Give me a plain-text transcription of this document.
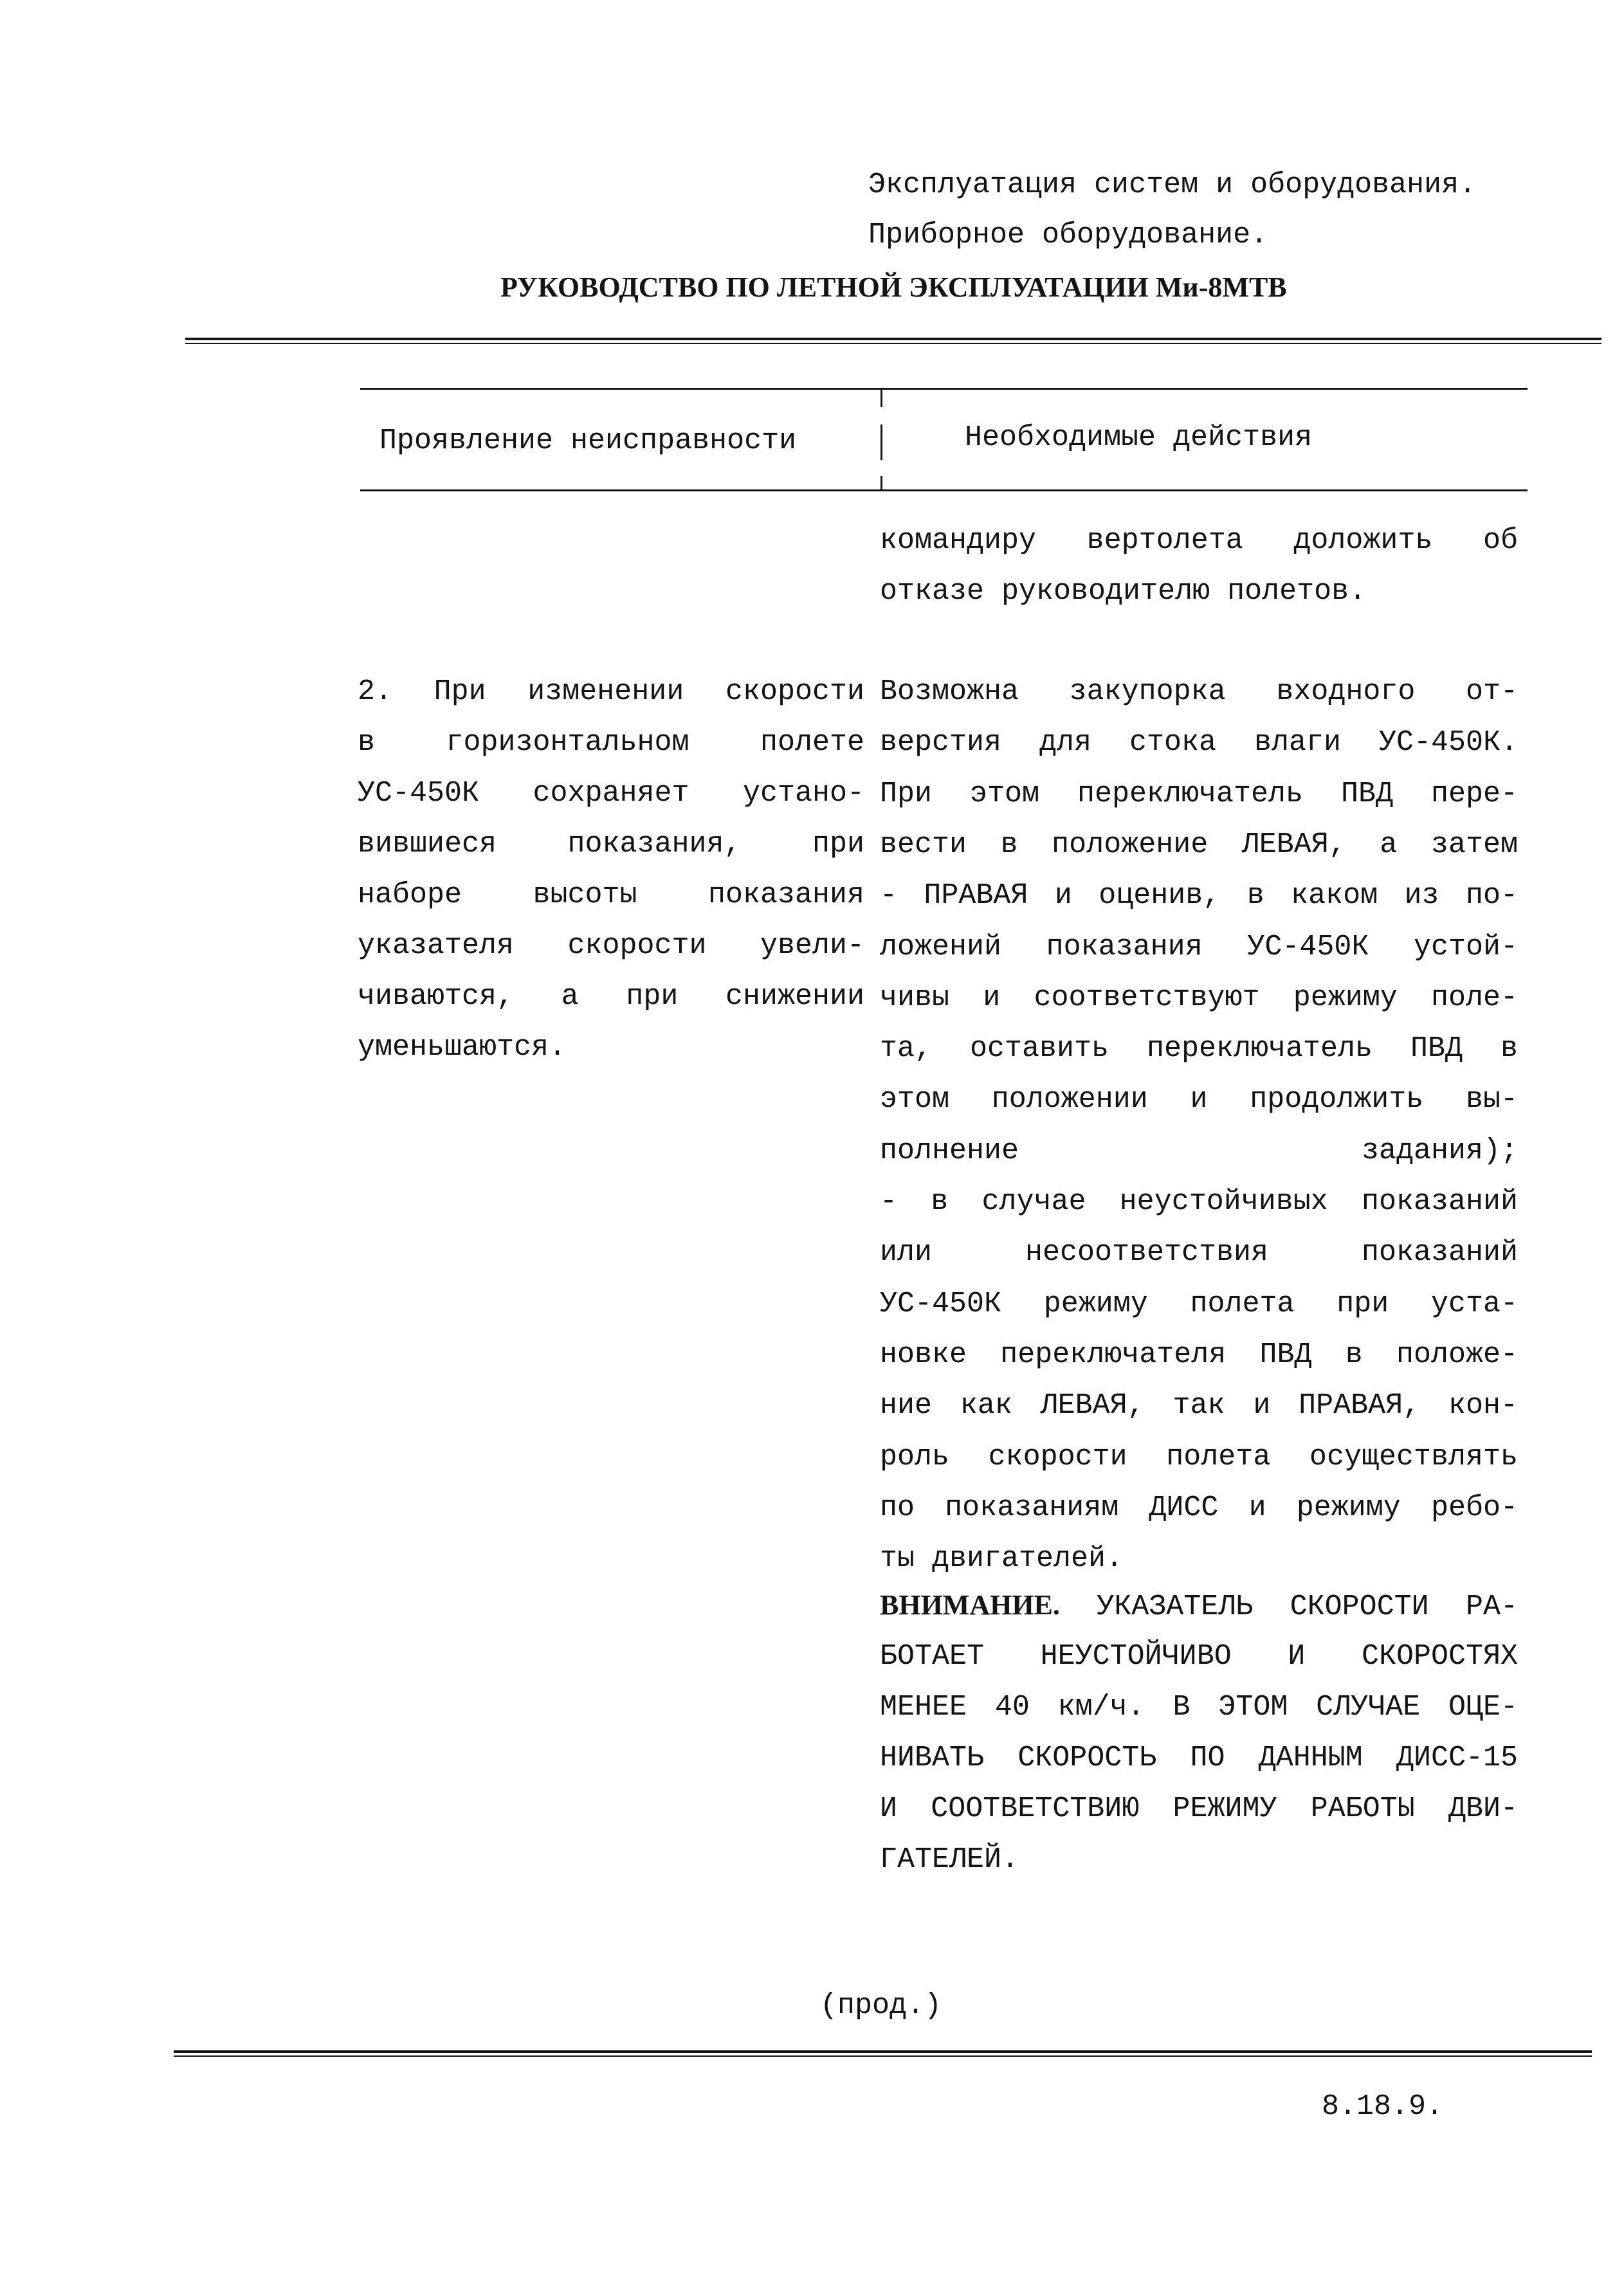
Эксплуатация систем и оборудования.
Приборное оборудование.
РУКОВОДСТВО ПО ЛЕТНОЙ ЭКСПЛУАТАЦИИ Ми-8МТВ
Проявление неисправности	Необходимые действия
командиру вертолета доложить об
отказе руководителю полетов.
2. При изменении скорости
в горизонтальном полете
УС-450К сохраняет устано-
вившиеся показания, при
наборе высоты показания
указателя скорости увели-
чиваются, а при снижении
уменьшаются.
Возможна закупорка входного от-
верстия для стока влаги УС-450К.
При этом переключатель ПВД пере-
вести в положение ЛЕВАЯ, а затем
- ПРАВАЯ и оценив, в каком из по-
ложений показания УС-450К устой-
чивы и соответствуют режиму поле-
та, оставить переключатель ПВД в
этом положении и продолжить вы-
полнение задания);
- в случае неустойчивых показаний
или несоответствия показаний
УС-450К режиму полета при уста-
новке переключателя ПВД в положе-
ние как ЛЕВАЯ, так и ПРАВАЯ, кон-
роль скорости полета осуществлять
по показаниям ДИСС и режиму ребо-
ты двигателей.
ВНИМАНИЕ. УКАЗАТЕЛЬ СКОРОСТИ РА-
БОТАЕТ НЕУСТОЙЧИВО И СКОРОСТЯХ
МЕНЕЕ 40 км/ч. В ЭТОМ СЛУЧАЕ ОЦЕ-
НИВАТЬ СКОРОСТЬ ПО ДАННЫМ ДИСС-15
И СООТВЕТСТВИЮ РЕЖИМУ РАБОТЫ ДВИ-
ГАТЕЛЕЙ.
(прод.)
8.18.9.
